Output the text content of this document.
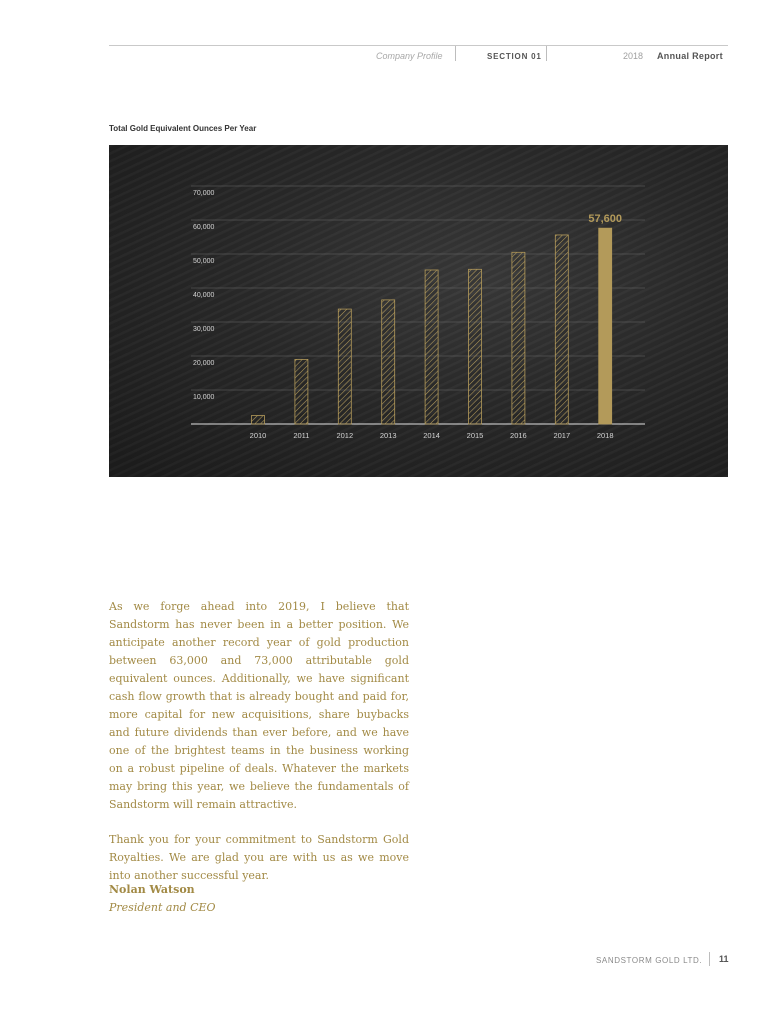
Company Profile	SECTION 01	2018 Annual Report
Total Gold Equivalent Ounces Per Year
10,000
20,000
30,000
40,000
50,000
60,000
70,000
2010	2011	2012	2013	2014	2015	2016	2017	2018
57,600

As we forge ahead into 2019, I believe that Sandstorm has never been in a better position. We anticipate another record year of gold production between 63,000 and 73,000 attributable gold equivalent ounces. Additionally, we have significant cash flow growth that is already bought and paid for, more capital for new acquisitions, share buybacks and future dividends than ever before, and we have one of the brightest teams in the business working on a robust pipeline of deals. Whatever the markets may bring this year, we believe the fundamentals of Sandstorm will remain attractive.

Thank you for your commitment to Sandstorm Gold Royalties. We are glad you are with us as we move into another successful year.

Nolan Watson
President and CEO
SANDSTORM GOLD LTD. 11
